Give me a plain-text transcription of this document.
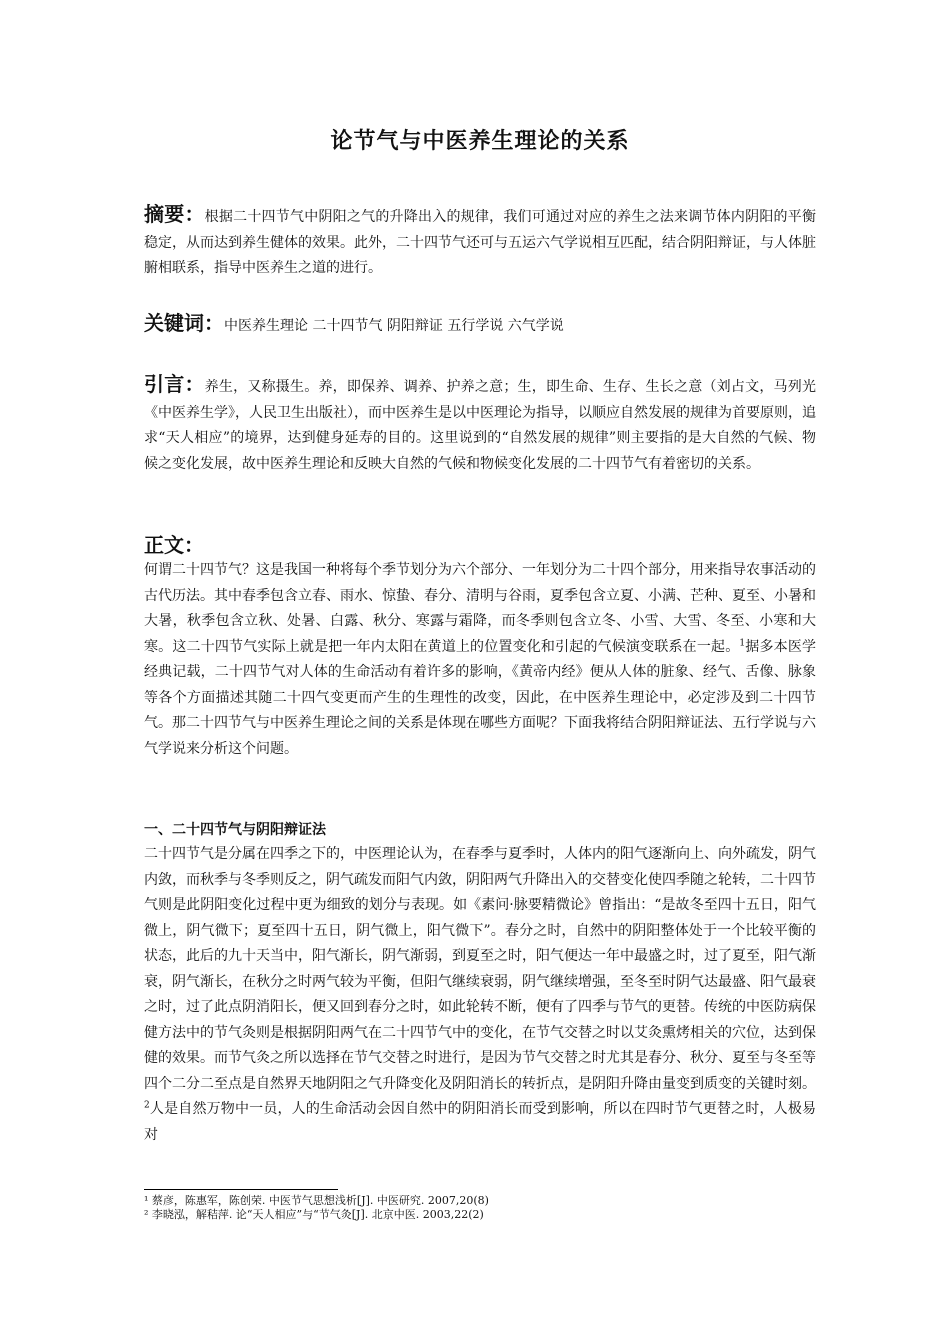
论节气与中医养生理论的关系

摘要：根据二十四节气中阴阳之气的升降出入的规律，我们可通过对应的养生之法来调节体内阴阳的平衡稳定，从而达到养生健体的效果。此外，二十四节气还可与五运六气学说相互匹配，结合阴阳辩证，与人体脏腑相联系，指导中医养生之道的进行。

关键词：中医养生理论 二十四节气 阴阳辩证 五行学说 六气学说

引言：养生，又称摄生。养，即保养、调养、护养之意；生，即生命、生存、生长之意（刘占文，马列光《中医养生学》，人民卫生出版社），而中医养生是以中医理论为指导，以顺应自然发展的规律为首要原则，追求“天人相应”的境界，达到健身延寿的目的。这里说到的“自然发展的规律”则主要指的是大自然的气候、物候之变化发展，故中医养生理论和反映大自然的气候和物候变化发展的二十四节气有着密切的关系。

正文：

何谓二十四节气？这是我国一种将每个季节划分为六个部分、一年划分为二十四个部分，用来指导农事活动的古代历法。其中春季包含立春、雨水、惊蛰、春分、清明与谷雨，夏季包含立夏、小满、芒种、夏至、小暑和大暑，秋季包含立秋、处暑、白露、秋分、寒露与霜降，而冬季则包含立冬、小雪、大雪、冬至、小寒和大寒。这二十四节气实际上就是把一年内太阳在黄道上的位置变化和引起的气候演变联系在一起。$^1$据多本医学经典记载，二十四节气对人体的生命活动有着许多的影响，《黄帝内经》便从人体的脏象、经气、舌像、脉象等各个方面描述其随二十四气变更而产生的生理性的改变，因此，在中医养生理论中，必定涉及到二十四节气。那二十四节气与中医养生理论之间的关系是体现在哪些方面呢？下面我将结合阴阳辩证法、五行学说与六气学说来分析这个问题。

一、二十四节气与阴阳辩证法

二十四节气是分属在四季之下的，中医理论认为，在春季与夏季时，人体内的阳气逐渐向上、向外疏发，阴气内敛，而秋季与冬季则反之，阴气疏发而阳气内敛，阴阳两气升降出入的交替变化使四季随之轮转，二十四节气则是此阴阳变化过程中更为细致的划分与表现。如《素问·脉要精微论》曾指出：“是故冬至四十五日，阳气微上，阴气微下；夏至四十五日，阴气微上，阳气微下”。春分之时，自然中的阴阳整体处于一个比较平衡的状态，此后的九十天当中，阳气渐长，阴气渐弱，到夏至之时，阳气便达一年中最盛之时，过了夏至，阳气渐衰，阴气渐长，在秋分之时两气较为平衡，但阳气继续衰弱，阴气继续增强，至冬至时阴气达最盛、阳气最衰之时，过了此点阴消阳长，便又回到春分之时，如此轮转不断，便有了四季与节气的更替。传统的中医防病保健方法中的节气灸则是根据阴阳两气在二十四节气中的变化，在节气交替之时以艾灸熏烤相关的穴位，达到保健的效果。而节气灸之所以选择在节气交替之时进行，是因为节气交替之时尤其是春分、秋分、夏至与冬至等四个二分二至点是自然界天地阴阳之气升降变化及阴阳消长的转折点，是阴阳升降由量变到质变的关键时刻。$^2$人是自然万物中一员，人的生命活动会因自然中的阴阳消长而受到影响，所以在四时节气更替之时，人极易对

¹ 蔡彦，陈惠军，陈创荣. 中医节气思想浅析[J]. 中医研究. 2007,20(8)
² 李晓泓，解秸萍. 论“天人相应”与“节气灸[J]. 北京中医. 2003,22(2)
